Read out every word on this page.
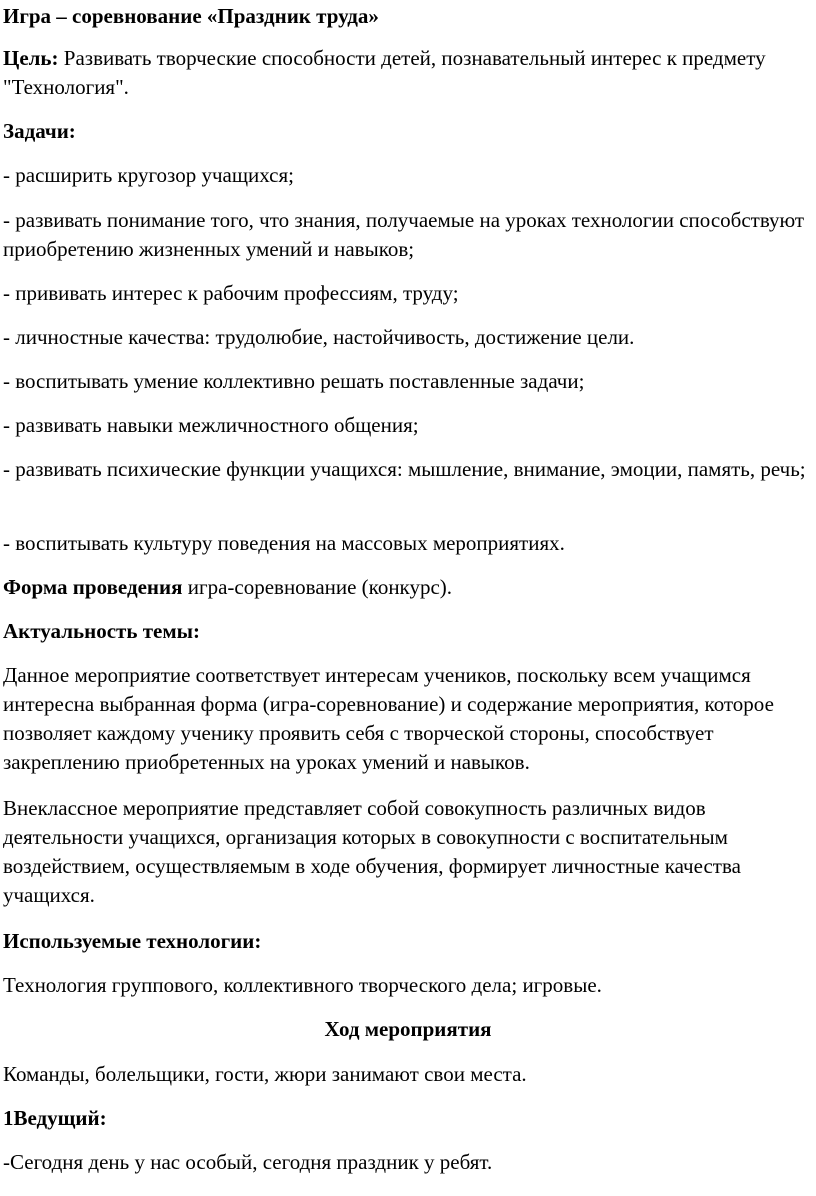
Игра – соревнование «Праздник труда»

Цель: Развивать творческие способности детей, познавательный интерес к предмету "Технология".

Задачи:

- расширить кругозор учащихся;

- развивать понимание того, что знания, получаемые на уроках технологии способствуют приобретению жизненных умений и навыков;

- прививать интерес к рабочим профессиям, труду;

- личностные качества: трудолюбие, настойчивость, достижение цели.

- воспитывать умение коллективно решать поставленные задачи;

- развивать навыки межличностного общения;

- развивать психические функции учащихся: мышление, внимание, эмоции, память, речь;

- воспитывать культуру поведения на массовых мероприятиях.

Форма проведения игра-соревнование (конкурс).

Актуальность темы:

Данное мероприятие соответствует интересам учеников, поскольку всем учащимся интересна выбранная форма (игра-соревнование) и содержание мероприятия, которое позволяет каждому ученику проявить себя с творческой стороны, способствует закреплению приобретенных на уроках умений и навыков.

Внеклассное мероприятие представляет собой совокупность различных видов деятельности учащихся, организация которых в совокупности с воспитательным воздействием, осуществляемым в ходе обучения, формирует личностные качества учащихся.

Используемые технологии:

Технология группового, коллективного творческого дела; игровые.

Ход мероприятия

Команды, болельщики, гости, жюри занимают свои места.

1Ведущий:

-Сегодня день у нас особый, сегодня праздник у ребят.
